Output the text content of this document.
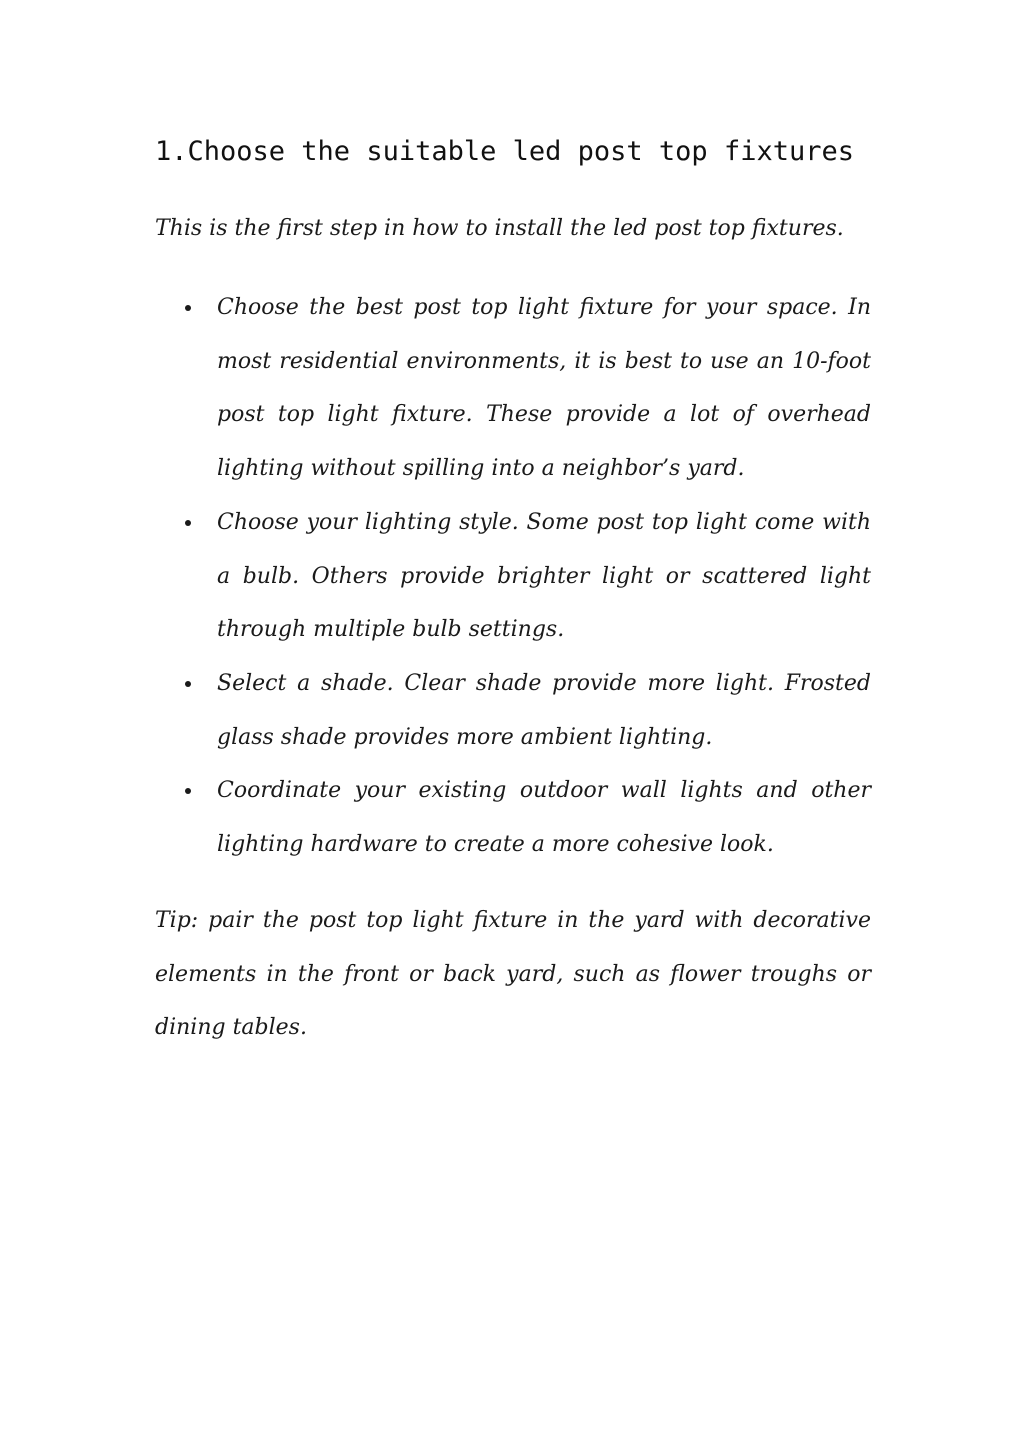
1.Choose the suitable led post top fixtures

This is the first step in how to install the led post top fixtures.

Choose the best post top light fixture for your space. In most residential environments, it is best to use an 10-foot post top light fixture. These provide a lot of overhead lighting without spilling into a neighbor’s yard.
Choose your lighting style. Some post top light come with a bulb. Others provide brighter light or scattered light through multiple bulb settings.
Select a shade. Clear shade provide more light. Frosted glass shade provides more ambient lighting.
Coordinate your existing outdoor wall lights and other lighting hardware to create a more cohesive look.

Tip: pair the post top light fixture in the yard with decorative elements in the front or back yard, such as flower troughs or dining tables.
